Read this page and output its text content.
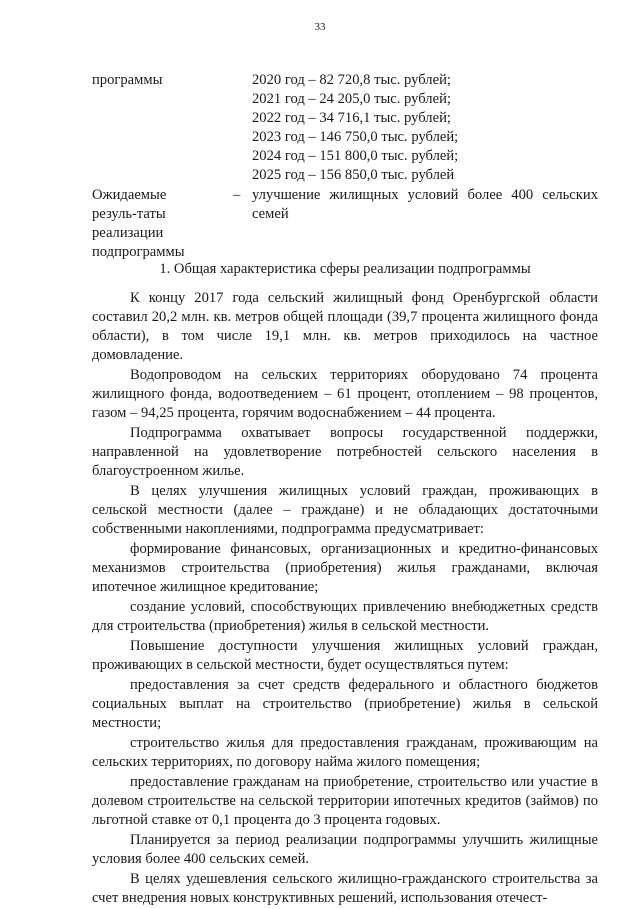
33
программы	2020 год – 82 720,8 тыс. рублей;
2021 год – 24 205,0 тыс. рублей;
2022 год – 34 716,1 тыс. рублей;
2023 год – 146 750,0 тыс. рублей;
2024 год – 151 800,0 тыс. рублей;
2025 год – 156 850,0 тыс. рублей
Ожидаемые резуль-таты реализации подпрограммы
– улучшение жилищных условий более 400 сельских семей
1. Общая характеристика сферы реализации подпрограммы

К концу 2017 года сельский жилищный фонд Оренбургской области составил 20,2 млн. кв. метров общей площади (39,7 процента жилищного фонда области), в том числе 19,1 млн. кв. метров приходилось на частное домовладение.

Водопроводом на сельских территориях оборудовано 74 процента жилищного фонда, водоотведением – 61 процент, отоплением – 98 процентов, газом – 94,25 процента, горячим водоснабжением – 44 процента.

Подпрограмма охватывает вопросы государственной поддержки, направленной на удовлетворение потребностей сельского населения в благоустроенном жилье.

В целях улучшения жилищных условий граждан, проживающих в сельской местности (далее – граждане) и не обладающих достаточными собственными накоплениями, подпрограмма предусматривает:

формирование финансовых, организационных и кредитно-финансовых механизмов строительства (приобретения) жилья гражданами, включая ипотечное жилищное кредитование;

создание условий, способствующих привлечению внебюджетных средств для строительства (приобретения) жилья в сельской местности.

Повышение доступности улучшения жилищных условий граждан, проживающих в сельской местности, будет осуществляться путем:

предоставления за счет средств федерального и областного бюджетов социальных выплат на строительство (приобретение) жилья в сельской местности;

строительство жилья для предоставления гражданам, проживающим на сельских территориях, по договору найма жилого помещения;

предоставление гражданам на приобретение, строительство или участие в долевом строительстве на сельской территории ипотечных кредитов (займов) по льготной ставке от 0,1 процента до 3 процента годовых.

Планируется за период реализации подпрограммы улучшить жилищные условия более 400 сельских семей.

В целях удешевления сельского жилищно-гражданского строительства за счет внедрения новых конструктивных решений, использования отечест-
